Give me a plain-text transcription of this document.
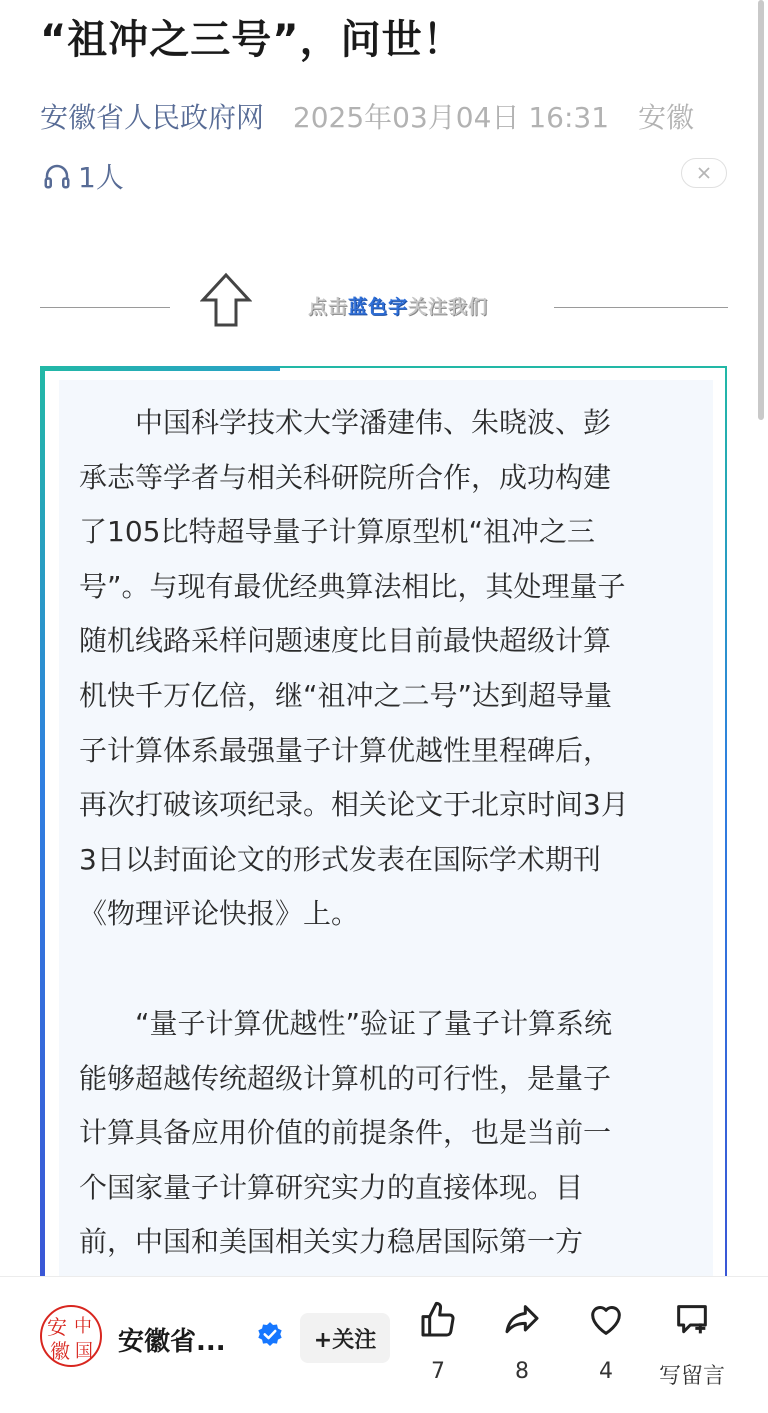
“祖冲之三号”，问世！
安徽省人民政府网 2025年03月04日 16:31 安徽
1人
点击蓝色字关注我们
　　中国科学技术大学潘建伟、朱晓波、彭
承志等学者与相关科研院所合作，成功构建
了105比特超导量子计算原型机“祖冲之三
号”。与现有最优经典算法相比，其处理量子
随机线路采样问题速度比目前最快超级计算
机快千万亿倍，继“祖冲之二号”达到超导量
子计算体系最强量子计算优越性里程碑后，
再次打破该项纪录。相关论文于北京时间3月
3日以封面论文的形式发表在国际学术期刊
《物理评论快报》上。
　　“量子计算优越性”验证了量子计算系统
能够超越传统超级计算机的可行性，是量子
计算具备应用价值的前提条件，也是当前一
个国家量子计算研究实力的直接体现。目
前，中国和美国相关实力稳居国际第一方
安 中
徽 国 安徽省...	+关注
7	8	4	写留言
